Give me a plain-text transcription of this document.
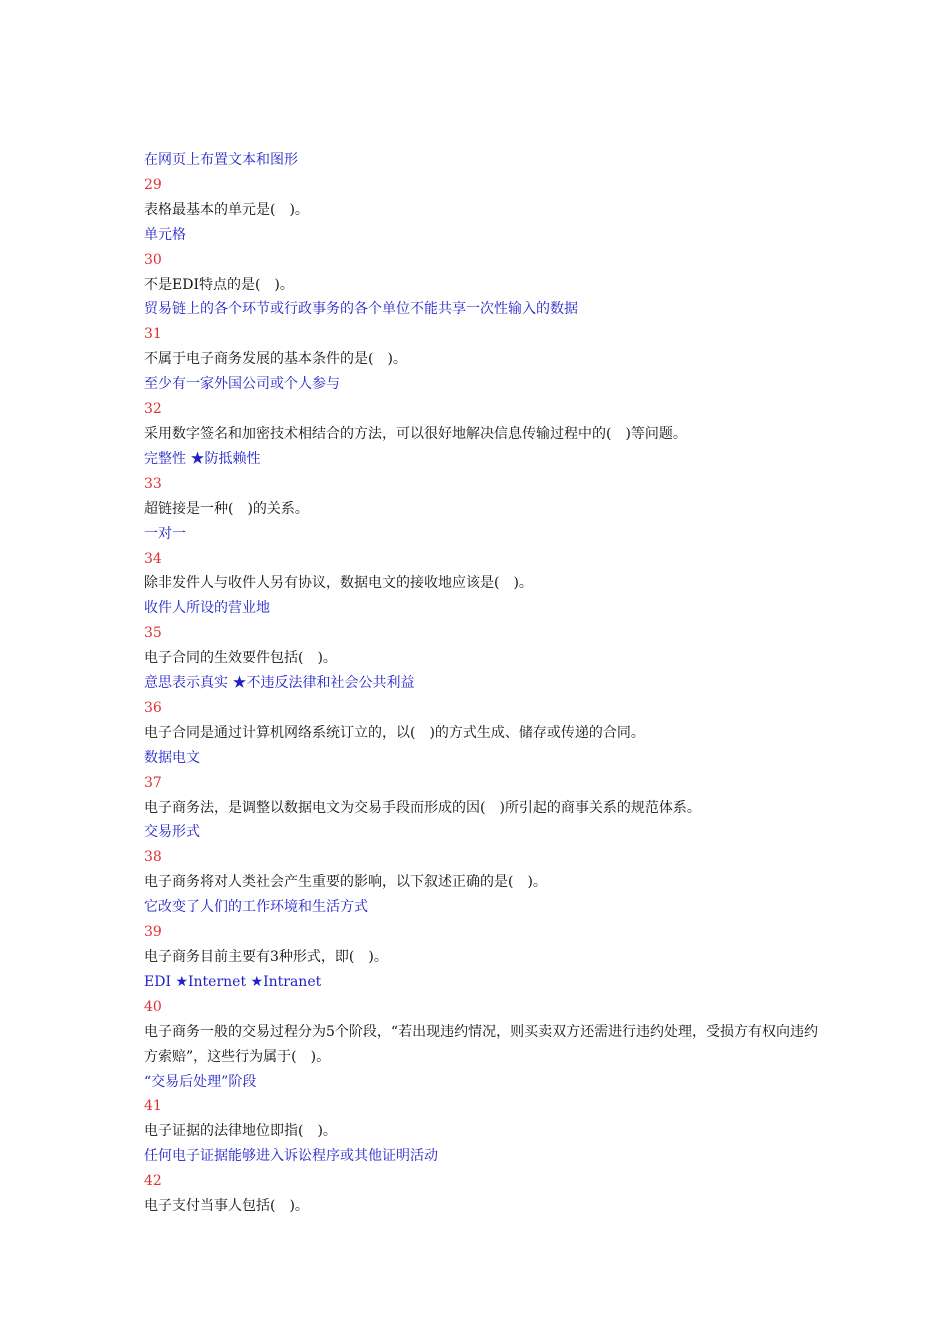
在网页上布置文本和图形
29
表格最基本的单元是(　)。
单元格
30
不是EDI特点的是(　)。
贸易链上的各个环节或行政事务的各个单位不能共享一次性输入的数据
31
不属于电子商务发展的基本条件的是(　)。
至少有一家外国公司或个人参与
32
采用数字签名和加密技术相结合的方法，可以很好地解决信息传输过程中的(　)等问题。
完整性 ★防抵赖性
33
超链接是一种(　)的关系。
一对一
34
除非发件人与收件人另有协议，数据电文的接收地应该是(　)。
收件人所设的营业地
35
电子合同的生效要件包括(　)。
意思表示真实 ★不违反法律和社会公共利益
36
电子合同是通过计算机网络系统订立的，以(　)的方式生成、储存或传递的合同。
数据电文
37
电子商务法，是调整以数据电文为交易手段而形成的因(　)所引起的商事关系的规范体系。
交易形式
38
电子商务将对人类社会产生重要的影响，以下叙述正确的是(　)。
它改变了人们的工作环境和生活方式
39
电子商务目前主要有3种形式，即(　)。
EDI ★Internet ★Intranet
40
电子商务一般的交易过程分为5个阶段，“若出现违约情况，则买卖双方还需进行违约处理，受损方有权向违约方索赔”，这些行为属于(　)。
“交易后处理”阶段
41
电子证据的法律地位即指(　)。
任何电子证据能够进入诉讼程序或其他证明活动
42
电子支付当事人包括(　)。
